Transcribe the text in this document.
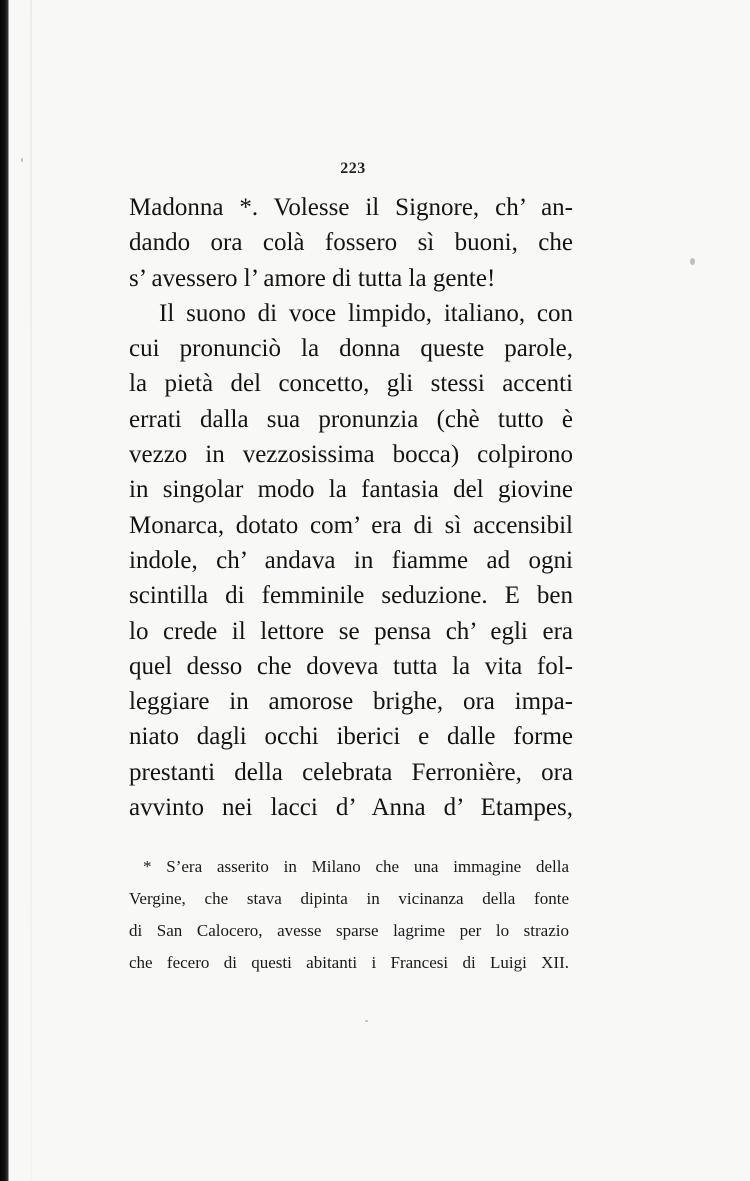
223
Madonna *. Volesse il Signore, ch’ an-
dando ora colà fossero sì buoni, che
s’ avessero l’ amore di tutta la gente!
Il suono di voce limpido, italiano, con
cui pronunciò la donna queste parole,
la pietà del concetto, gli stessi accenti
errati dalla sua pronunzia (chè tutto è
vezzo in vezzosissima bocca) colpirono
in singolar modo la fantasia del giovine
Monarca, dotato com’ era di sì accensibil
indole, ch’ andava in fiamme ad ogni
scintilla di femminile seduzione. E ben
lo crede il lettore se pensa ch’ egli era
quel desso che doveva tutta la vita fol-
leggiare in amorose brighe, ora impa-
niato dagli occhi iberici e dalle forme
prestanti della celebrata Ferronière, ora
avvinto nei lacci d’ Anna d’ Etampes,
* S’era asserito in Milano che una immagine della
Vergine, che stava dipinta in vicinanza della fonte
di San Calocero, avesse sparse lagrime per lo strazio
che fecero di questi abitanti i Francesi di Luigi XII.
